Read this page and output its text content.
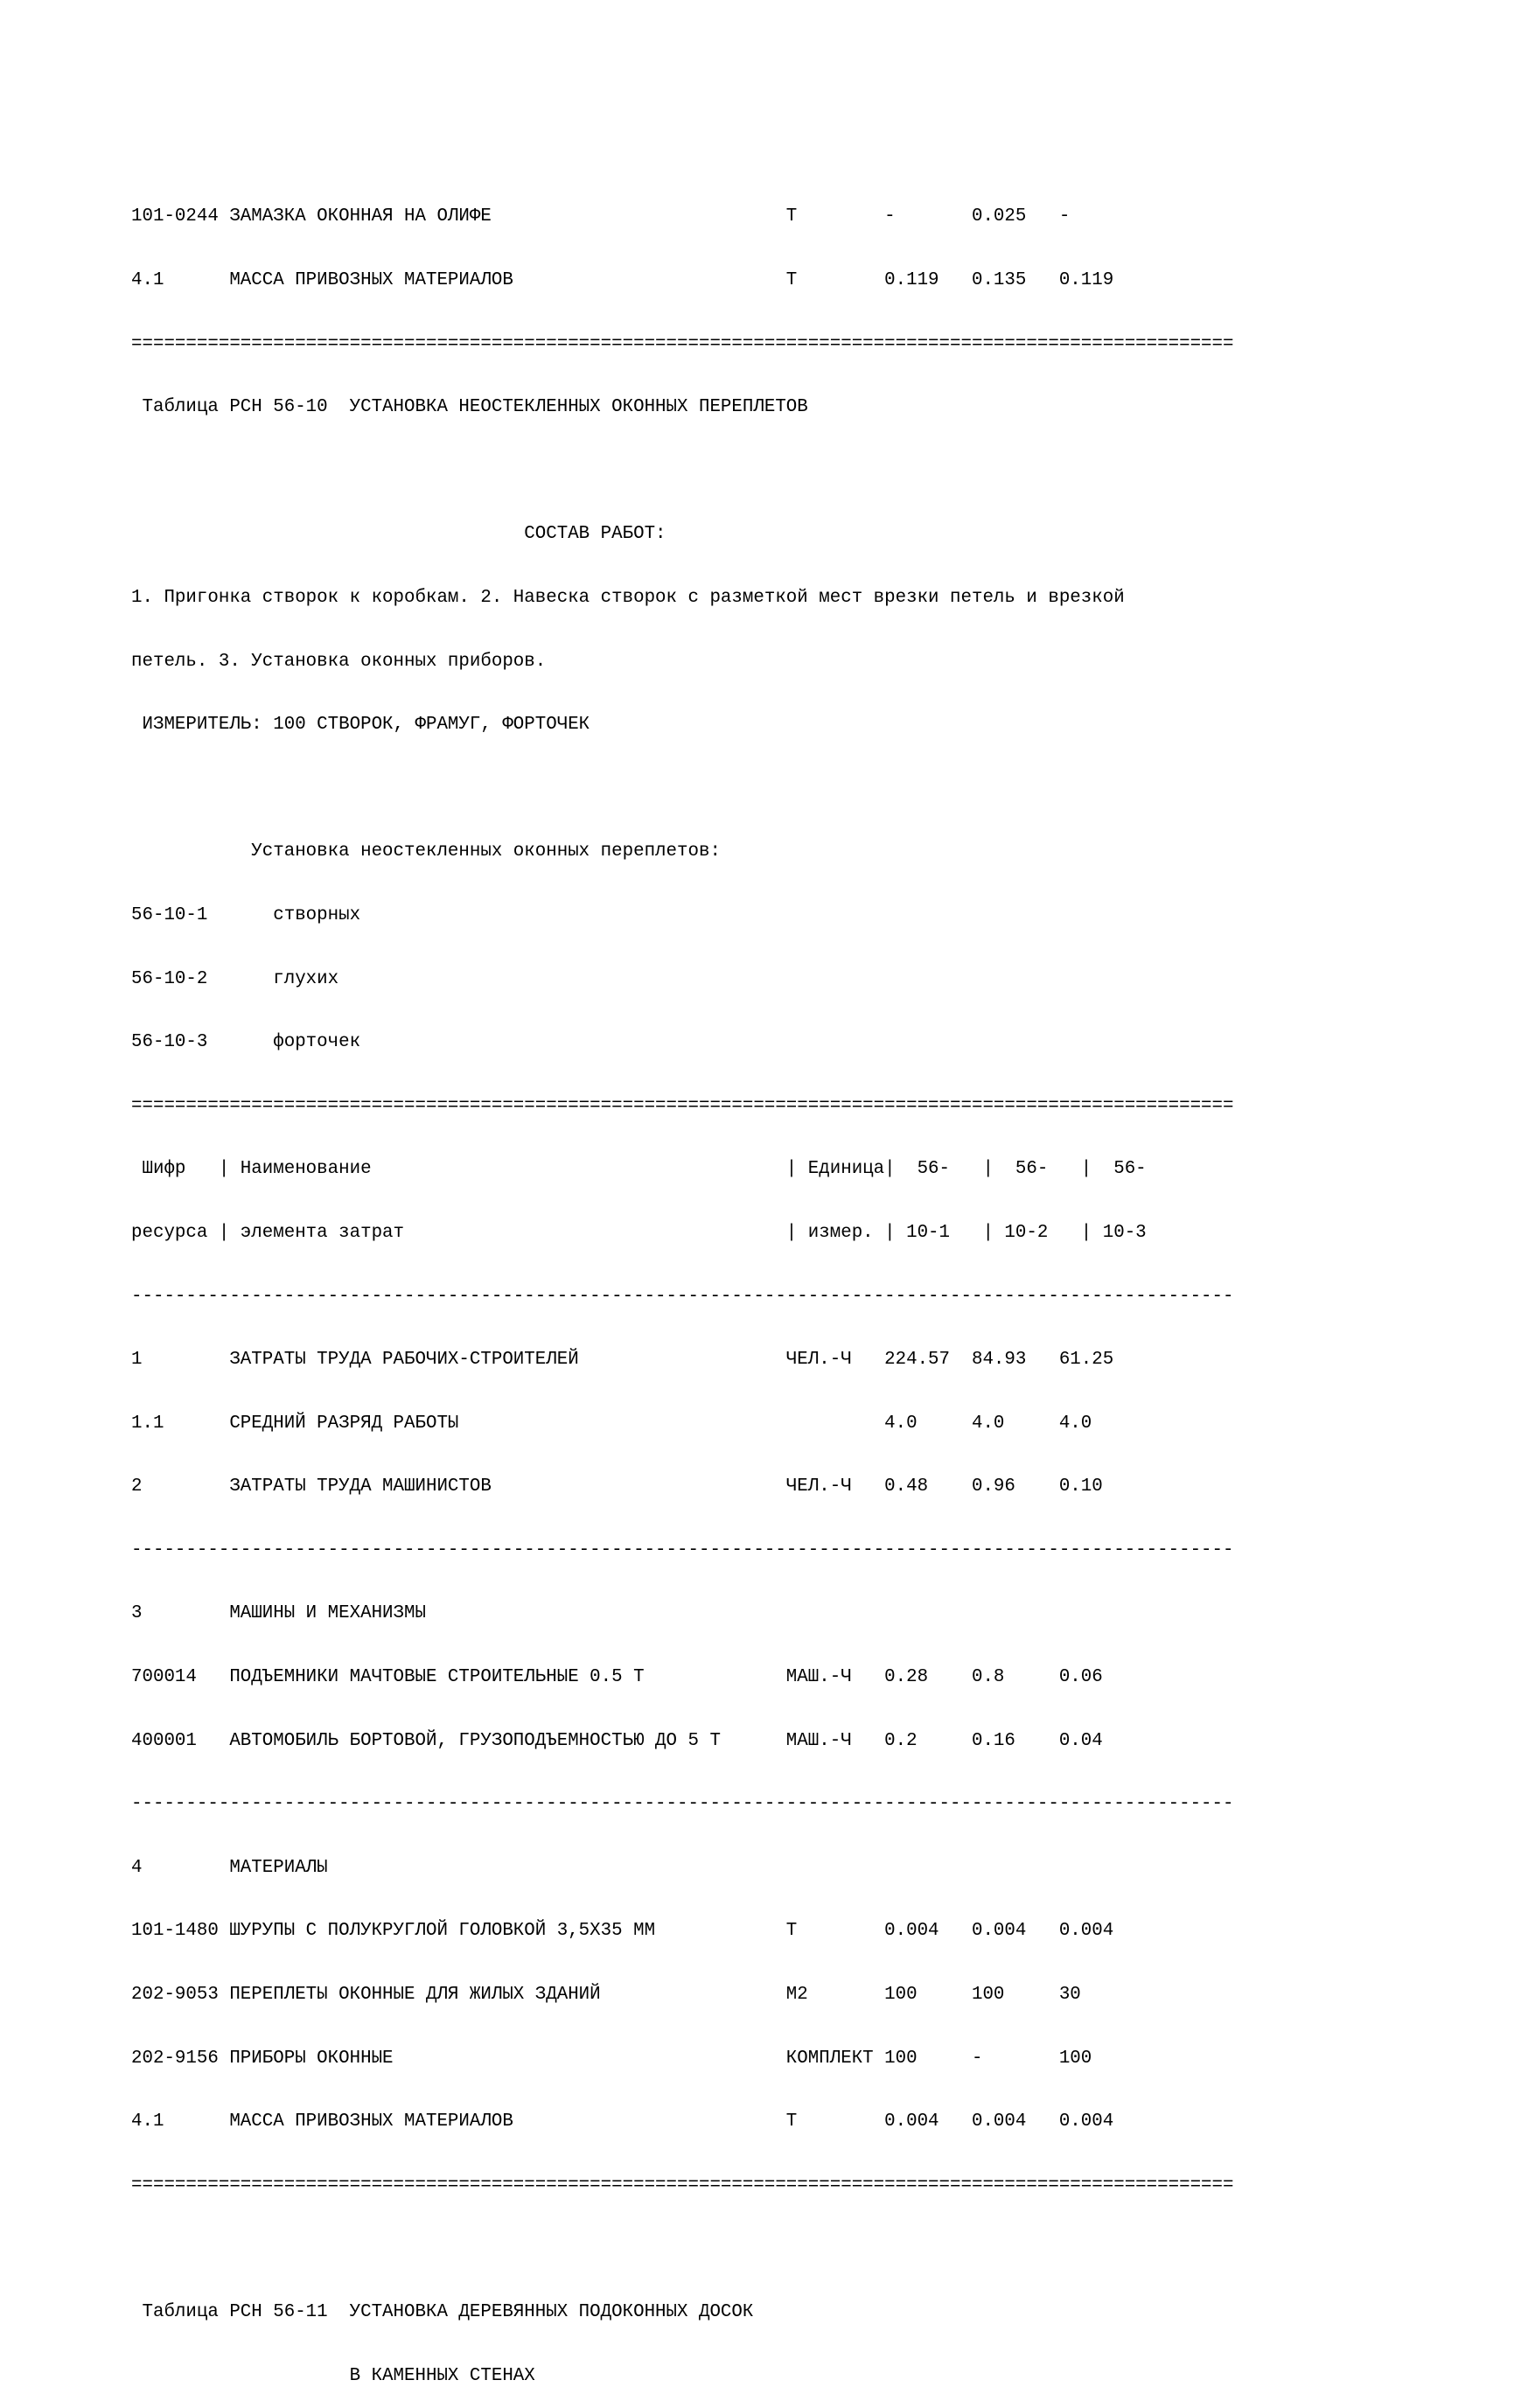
101-0244 ЗАМАЗКА ОКОННАЯ НА ОЛИФЕ                           Т        -       0.025   -

4.1      МАССА ПРИВОЗНЫХ МАТЕРИАЛОВ                         Т        0.119   0.135   0.119

=====================================================================================================

Таблица РСН 56-10  УСТАНОВКА НЕОСТЕКЛЕННЫХ ОКОННЫХ ПЕРЕПЛЕТОВ

СОСТАВ РАБОТ:

1. Пригонка створок к коробкам. 2. Навеска створок с разметкой мест врезки петель и врезкой

петель. 3. Установка оконных приборов.

ИЗМЕРИТЕЛЬ: 100 СТВОРОК, ФРАМУГ, ФОРТОЧЕК

Установка неостекленных оконных переплетов:

56-10-1      створных

56-10-2      глухих

56-10-3      форточек

=====================================================================================================

Шифр   | Наименование                                      | Единица|  56-   |  56-   |  56-

ресурса | элемента затрат                                   | измер. | 10-1   | 10-2   | 10-3

-----------------------------------------------------------------------------------------------------

1        ЗАТРАТЫ ТРУДА РАБОЧИХ-СТРОИТЕЛЕЙ                   ЧЕЛ.-Ч   224.57  84.93   61.25

1.1      СРЕДНИЙ РАЗРЯД РАБОТЫ                                       4.0     4.0     4.0

2        ЗАТРАТЫ ТРУДА МАШИНИСТОВ                           ЧЕЛ.-Ч   0.48    0.96    0.10

-----------------------------------------------------------------------------------------------------

3        МАШИНЫ И МЕХАНИЗМЫ

700014   ПОДЪЕМНИКИ МАЧТОВЫЕ СТРОИТЕЛЬНЫЕ 0.5 Т             МАШ.-Ч   0.28    0.8     0.06

400001   АВТОМОБИЛЬ БОРТОВОЙ, ГРУЗОПОДЪЕМНОСТЬЮ ДО 5 Т      МАШ.-Ч   0.2     0.16    0.04

-----------------------------------------------------------------------------------------------------

4        МАТЕРИАЛЫ

101-1480 ШУРУПЫ С ПОЛУКРУГЛОЙ ГОЛОВКОЙ 3,5Х35 ММ            Т        0.004   0.004   0.004

202-9053 ПЕРЕПЛЕТЫ ОКОННЫЕ ДЛЯ ЖИЛЫХ ЗДАНИЙ                 М2       100     100     30

202-9156 ПРИБОРЫ ОКОННЫЕ                                    КОМПЛЕКТ 100     -       100

4.1      МАССА ПРИВОЗНЫХ МАТЕРИАЛОВ                         Т        0.004   0.004   0.004

=====================================================================================================

Таблица РСН 56-11  УСТАНОВКА ДЕРЕВЯННЫХ ПОДОКОННЫХ ДОСОК

В КАМЕННЫХ СТЕНАХ
